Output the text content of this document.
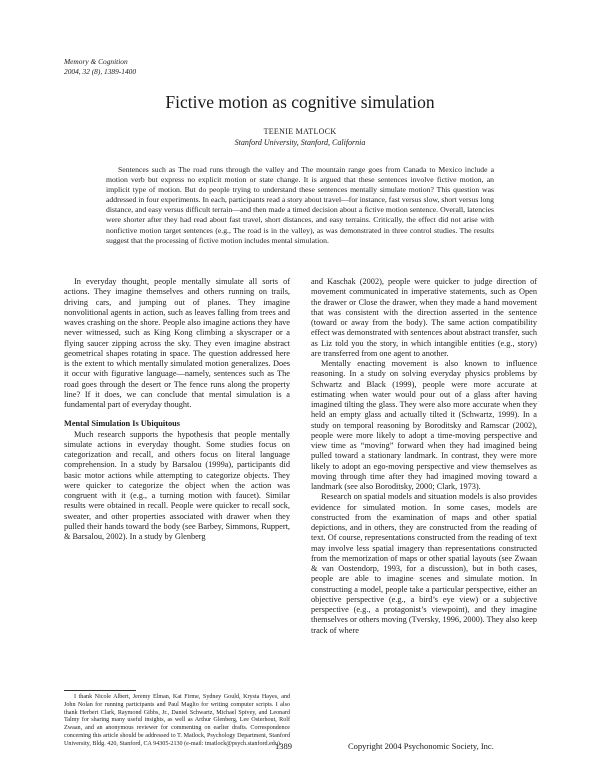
Memory & Cognition
2004, 32 (8), 1389-1400
Fictive motion as cognitive simulation
TEENIE MATLOCK
Stanford University, Stanford, California

Sentences such as The road runs through the valley and The mountain range goes from Canada to Mexico include a motion verb but express no explicit motion or state change. It is argued that these sentences involve fictive motion, an implicit type of motion. But do people trying to understand these sentences mentally simulate motion? This question was addressed in four experiments. In each, participants read a story about travel—for instance, fast versus slow, short versus long distance, and easy versus difficult terrain—and then made a timed decision about a fictive motion sentence. Overall, latencies were shorter after they had read about fast travel, short distances, and easy terrains. Critically, the effect did not arise with nonfictive motion target sentences (e.g., The road is in the valley), as was demonstrated in three control studies. The results suggest that the processing of fictive motion includes mental simulation.

In everyday thought, people mentally simulate all sorts of actions. They imagine themselves and others running on trails, driving cars, and jumping out of planes. They imagine nonvolitional agents in action, such as leaves falling from trees and waves crashing on the shore. People also imagine actions they have never witnessed, such as King Kong climbing a skyscraper or a flying saucer zipping across the sky. They even imagine abstract geometrical shapes rotating in space. The question addressed here is the extent to which mentally simulated motion generalizes. Does it occur with figurative language—namely, sentences such as The road goes through the desert or The fence runs along the property line? If it does, we can conclude that mental simulation is a fundamental part of everyday thought.

Mental Simulation Is Ubiquitous

Much research supports the hypothesis that people mentally simulate actions in everyday thought. Some studies focus on categorization and recall, and others focus on literal language comprehension. In a study by Barsalou (1999a), participants did basic motor actions while attempting to categorize objects. They were quicker to categorize the object when the action was congruent with it (e.g., a turning motion with faucet). Similar results were obtained in recall. People were quicker to recall sock, sweater, and other properties associated with drawer when they pulled their hands toward the body (see Barbey, Simmons, Ruppert, & Barsalou, 2002). In a study by Glenberg

and Kaschak (2002), people were quicker to judge direction of movement communicated in imperative statements, such as Open the drawer or Close the drawer, when they made a hand movement that was consistent with the direction asserted in the sentence (toward or away from the body). The same action compatibility effect was demonstrated with sentences about abstract transfer, such as Liz told you the story, in which intangible entities (e.g., story) are transferred from one agent to another.

Mentally enacting movement is also known to influence reasoning. In a study on solving everyday physics problems by Schwartz and Black (1999), people were more accurate at estimating when water would pour out of a glass after having imagined tilting the glass. They were also more accurate when they held an empty glass and actually tilted it (Schwartz, 1999). In a study on temporal reasoning by Boroditsky and Ramscar (2002), people were more likely to adopt a time-moving perspective and view time as “moving” forward when they had imagined being pulled toward a stationary landmark. In contrast, they were more likely to adopt an ego-moving perspective and view themselves as moving through time after they had imagined moving toward a landmark (see also Boroditsky, 2000; Clark, 1973).

Research on spatial models and situation models is also provides evidence for simulated motion. In some cases, models are constructed from the examination of maps and other spatial depictions, and in others, they are constructed from the reading of text. Of course, representations constructed from the reading of text may involve less spatial imagery than representations constructed from the memorization of maps or other spatial layouts (see Zwaan & van Oostendorp, 1993, for a discussion), but in both cases, people are able to imagine scenes and simulate motion. In constructing a model, people take a particular perspective, either an objective perspective (e.g., a bird’s eye view) or a subjective perspective (e.g., a protagonist’s viewpoint), and they imagine themselves or others moving (Tversky, 1996, 2000). They also keep track of where

I thank Nicole Albert, Jeremy Elman, Kat Firme, Sydney Gould, Krysta Hayes, and John Nolan for running participants and Paul Maglio for writing computer scripts. I also thank Herbert Clark, Raymond Gibbs, Jr., Daniel Schwartz, Michael Spivey, and Leonard Talmy for sharing many useful insights, as well as Arthur Glenberg, Lee Osterhout, Rolf Zwaan, and an anonymous reviewer for commenting on earlier drafts. Correspondence concerning this article should be addressed to T. Matlock, Psychology Department, Stanford University, Bldg. 420, Stanford, CA 94305-2130 (e-mail: tmatlock@psych.stanford.edu).

1389	Copyright 2004 Psychonomic Society, Inc.
